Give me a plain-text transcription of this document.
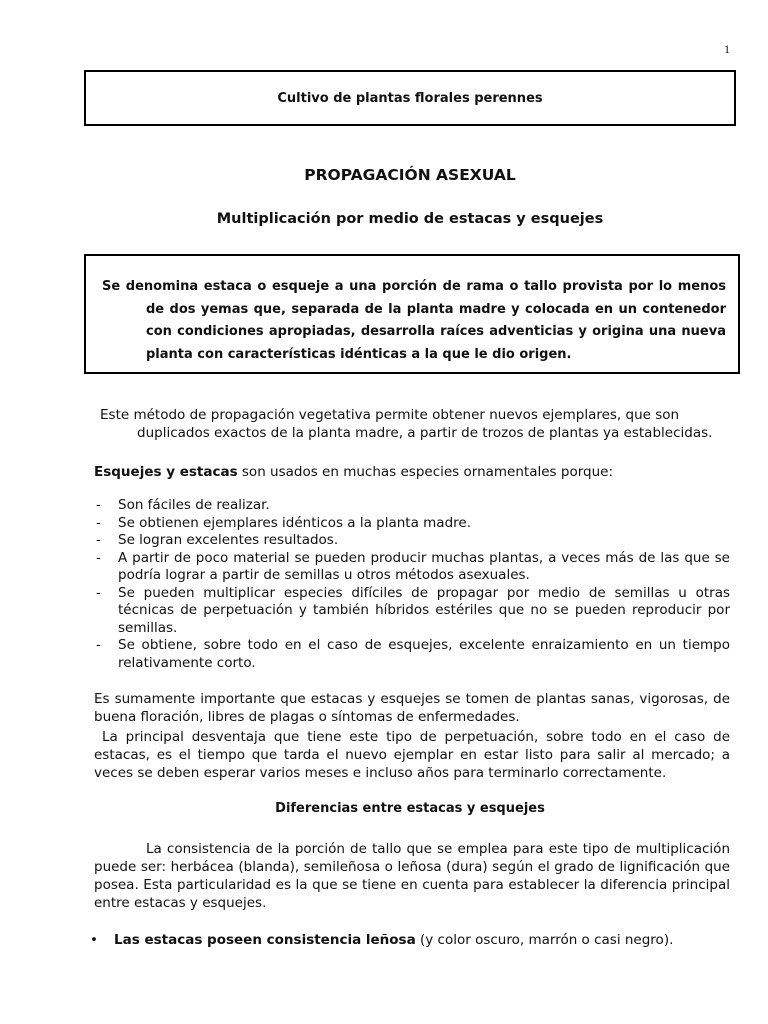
1
Cultivo de plantas florales perennes
PROPAGACIÓN ASEXUAL
Multiplicación por medio de estacas y esquejes

Se denomina estaca o esqueje a una porción de rama o tallo provista por lo menos de dos yemas que, separada de la planta madre y colocada en un contenedor con condiciones apropiadas, desarrolla raíces adventicias y origina una nueva planta con características idénticas a la que le dio origen.

Este método de propagación vegetativa permite obtener nuevos ejemplares, que son
duplicados exactos de la planta madre, a partir de trozos de plantas ya establecidas.
Esquejes y estacas son usados en muchas especies ornamentales porque:
- Son fáciles de realizar.
- Se obtienen ejemplares idénticos a la planta madre.
- Se logran excelentes resultados.
- A partir de poco material se pueden producir muchas plantas, a veces más de las que se podría lograr a partir de semillas u otros métodos asexuales.
- Se pueden multiplicar especies difíciles de propagar por medio de semillas u otras técnicas de perpetuación y también híbridos estériles que no se pueden reproducir por semillas.
- Se obtiene, sobre todo en el caso de esquejes, excelente enraizamiento en un tiempo relativamente corto.
Es sumamente importante que estacas y esquejes se tomen de plantas sanas, vigorosas, de buena floración, libres de plagas o síntomas de enfermedades.
La principal desventaja que tiene este tipo de perpetuación, sobre todo en el caso de estacas, es el tiempo que tarda el nuevo ejemplar en estar listo para salir al mercado; a veces se deben esperar varios meses e incluso años para terminarlo correctamente.
Diferencias entre estacas y esquejes
La consistencia de la porción de tallo que se emplea para este tipo de multiplicación puede ser: herbácea (blanda), semileñosa o leñosa (dura) según el grado de lignificación que posea. Esta particularidad es la que se tiene en cuenta para establecer la diferencia principal entre estacas y esquejes.
• Las estacas poseen consistencia leñosa (y color oscuro, marrón o casi negro).
